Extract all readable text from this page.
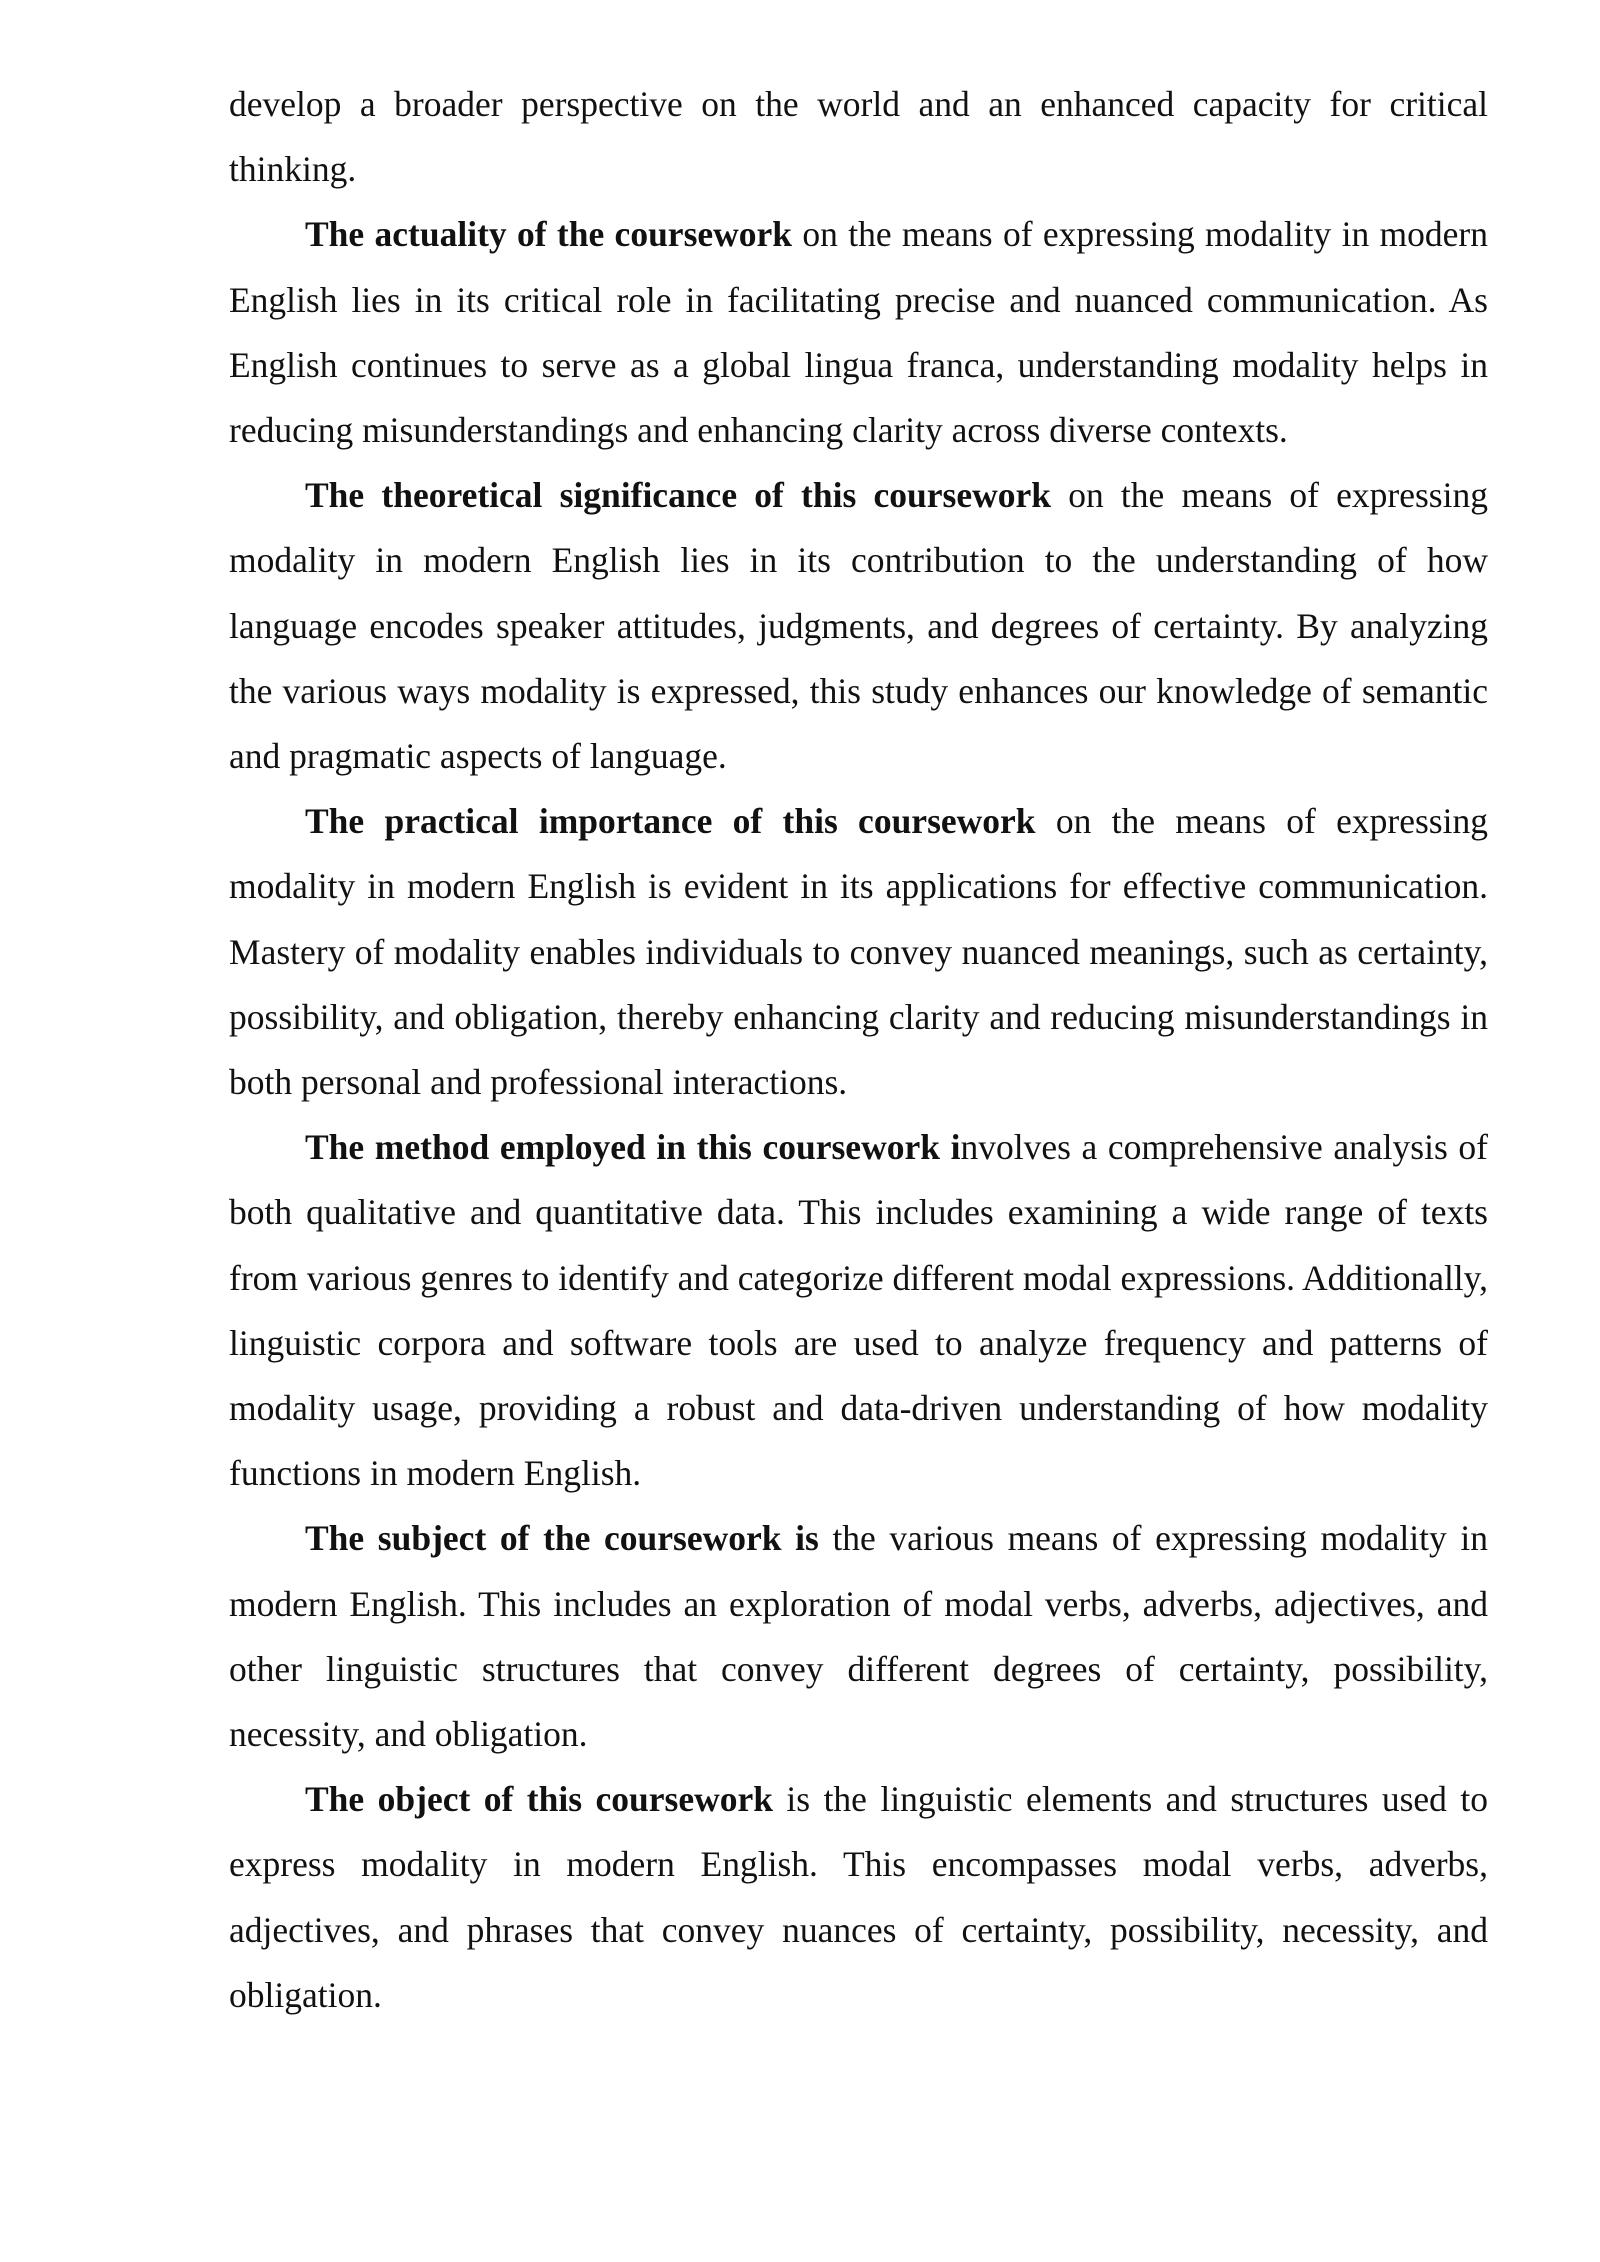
develop a broader perspective on the world and an enhanced capacity for critical thinking.

The actuality of the coursework on the means of expressing modality in modern English lies in its critical role in facilitating precise and nuanced communication. As English continues to serve as a global lingua franca, understanding modality helps in reducing misunderstandings and enhancing clarity across diverse contexts.

The theoretical significance of this coursework on the means of expressing modality in modern English lies in its contribution to the understanding of how language encodes speaker attitudes, judgments, and degrees of certainty. By analyzing the various ways modality is expressed, this study enhances our knowledge of semantic and pragmatic aspects of language.

The practical importance of this coursework on the means of expressing modality in modern English is evident in its applications for effective communication. Mastery of modality enables individuals to convey nuanced meanings, such as certainty, possibility, and obligation, thereby enhancing clarity and reducing misunderstandings in both personal and professional interactions.

The method employed in this coursework involves a comprehensive analysis of both qualitative and quantitative data. This includes examining a wide range of texts from various genres to identify and categorize different modal expressions. Additionally, linguistic corpora and software tools are used to analyze frequency and patterns of modality usage, providing a robust and data-driven understanding of how modality functions in modern English.

The subject of the coursework is the various means of expressing modality in modern English. This includes an exploration of modal verbs, adverbs, adjectives, and other linguistic structures that convey different degrees of certainty, possibility, necessity, and obligation.

The object of this coursework is the linguistic elements and structures used to express modality in modern English. This encompasses modal verbs, adverbs, adjectives, and phrases that convey nuances of certainty, possibility, necessity, and obligation.
